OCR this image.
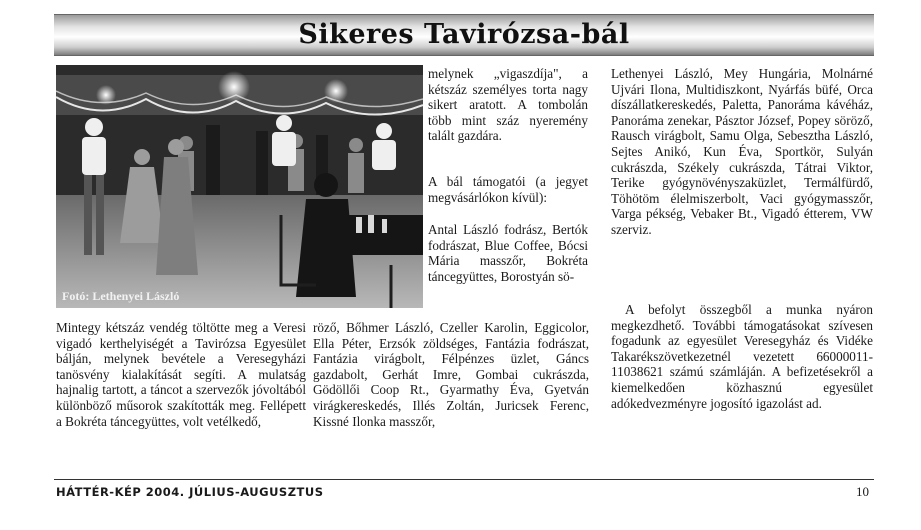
Sikeres Tavirózsa-bál

Fotó: Lethenyei László

Mintegy kétszáz vendég töltötte meg a Veresi vigadó kerthelyiségét a Tavirózsa Egyesület bálján, melynek bevétele a Veresegyházi tanösvény kialakítását segíti. A mulatság hajnalig tartott, a táncot a szervezők jóvoltából különböző műsorok szakították meg. Fellépett a Bokréta táncegyüttes, volt vetélkedő,

melynek „vigaszdíja", a kétszáz személyes torta nagy sikert aratott. A tombolán több mint száz nyeremény talált gazdára.

A bál támogatói (a jegyet megvásárlókon kívül):

Antal László fodrász, Bertók fodrászat, Blue Coffee, Bócsi Mária masszőr, Bokréta táncegyüttes, Borostyán sö-

röző, Bőhmer László, Czeller Karolin, Eggicolor, Ella Péter, Erzsók zöldséges, Fantázia fodrászat, Fantázia virágbolt, Félpénzes üzlet, Gáncs gazdabolt, Gerhát Imre, Gombai cukrászda, Gödöllői Coop Rt., Gyarmathy Éva, Gyetván virágkereskedés, Illés Zoltán, Juricsek Ferenc, Kissné Ilonka masszőr,

Lethenyei László, Mey Hungária, Molnárné Ujvári Ilona, Multidiszkont, Nyárfás büfé, Orca díszállatkereskedés, Paletta, Panoráma kávéház, Panoráma zenekar, Pásztor József, Popey söröző, Rausch virágbolt, Samu Olga, Sebesztha László, Sejtes Anikó, Kun Éva, Sportkör, Sulyán cukrászda, Székely cukrászda, Tátrai Viktor, Terike gyógynövényszaküzlet, Termálfürdő, Töhötöm élelmiszerbolt, Vaci gyógymasszőr, Varga pékség, Vebaker Bt., Vigadó étterem, VW szerviz.

A befolyt összegből a munka nyáron megkezdhető. További támogatásokat szívesen fogadunk az egyesület Veresegyház és Vidéke Takarékszövetkezetnél vezetett 66000011-11038621 számú számláján. A befizetésekről a kiemelkedően közhasznú egyesület adókedvezményre jogosító igazolást ad.

HÁTTÉR-KÉP 2004. JÚLIUS-AUGUSZTUS	10
